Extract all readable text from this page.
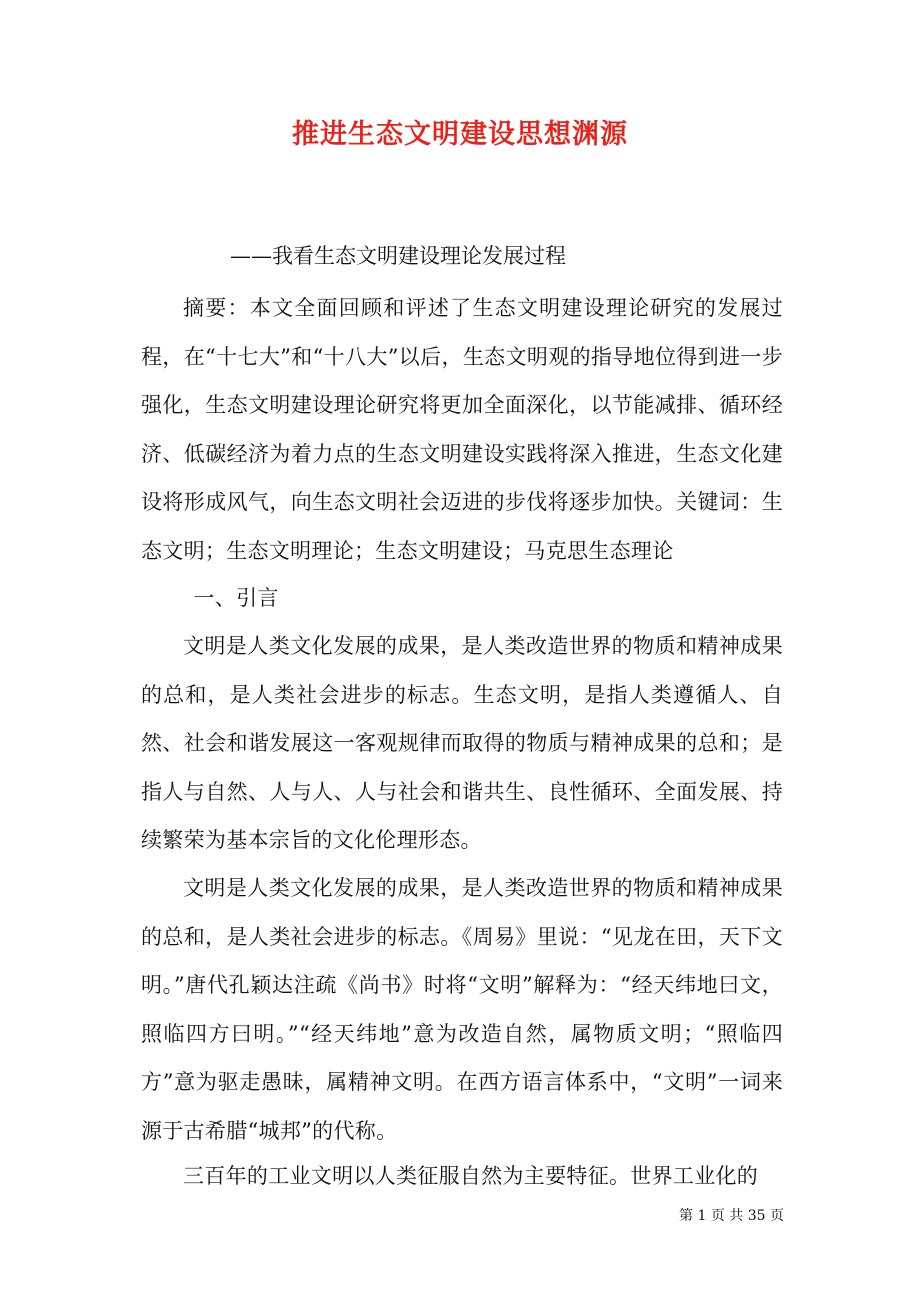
推进生态文明建设思想渊源
——我看生态文明建设理论发展过程

摘要：本文全面回顾和评述了生态文明建设理论研究的发展过程，在“十七大”和“十八大”以后，生态文明观的指导地位得到进一步强化，生态文明建设理论研究将更加全面深化，以节能减排、循环经济、低碳经济为着力点的生态文明建设实践将深入推进，生态文化建设将形成风气，向生态文明社会迈进的步伐将逐步加快。关键词：生态文明；生态文明理论；生态文明建设；马克思生态理论

一、引言

文明是人类文化发展的成果，是人类改造世界的物质和精神成果的总和，是人类社会进步的标志。生态文明，是指人类遵循人、自然、社会和谐发展这一客观规律而取得的物质与精神成果的总和；是指人与自然、人与人、人与社会和谐共生、良性循环、全面发展、持续繁荣为基本宗旨的文化伦理形态。

文明是人类文化发展的成果，是人类改造世界的物质和精神成果的总和，是人类社会进步的标志。《周易》里说：“见龙在田，天下文明。”唐代孔颖达注疏《尚书》时将“文明”解释为：“经天纬地曰文，照临四方曰明。”“经天纬地”意为改造自然，属物质文明；“照临四方”意为驱走愚昧，属精神文明。在西方语言体系中，“文明”一词来源于古希腊“城邦”的代称。

三百年的工业文明以人类征服自然为主要特征。世界工业化的

第 1 页 共 35 页
